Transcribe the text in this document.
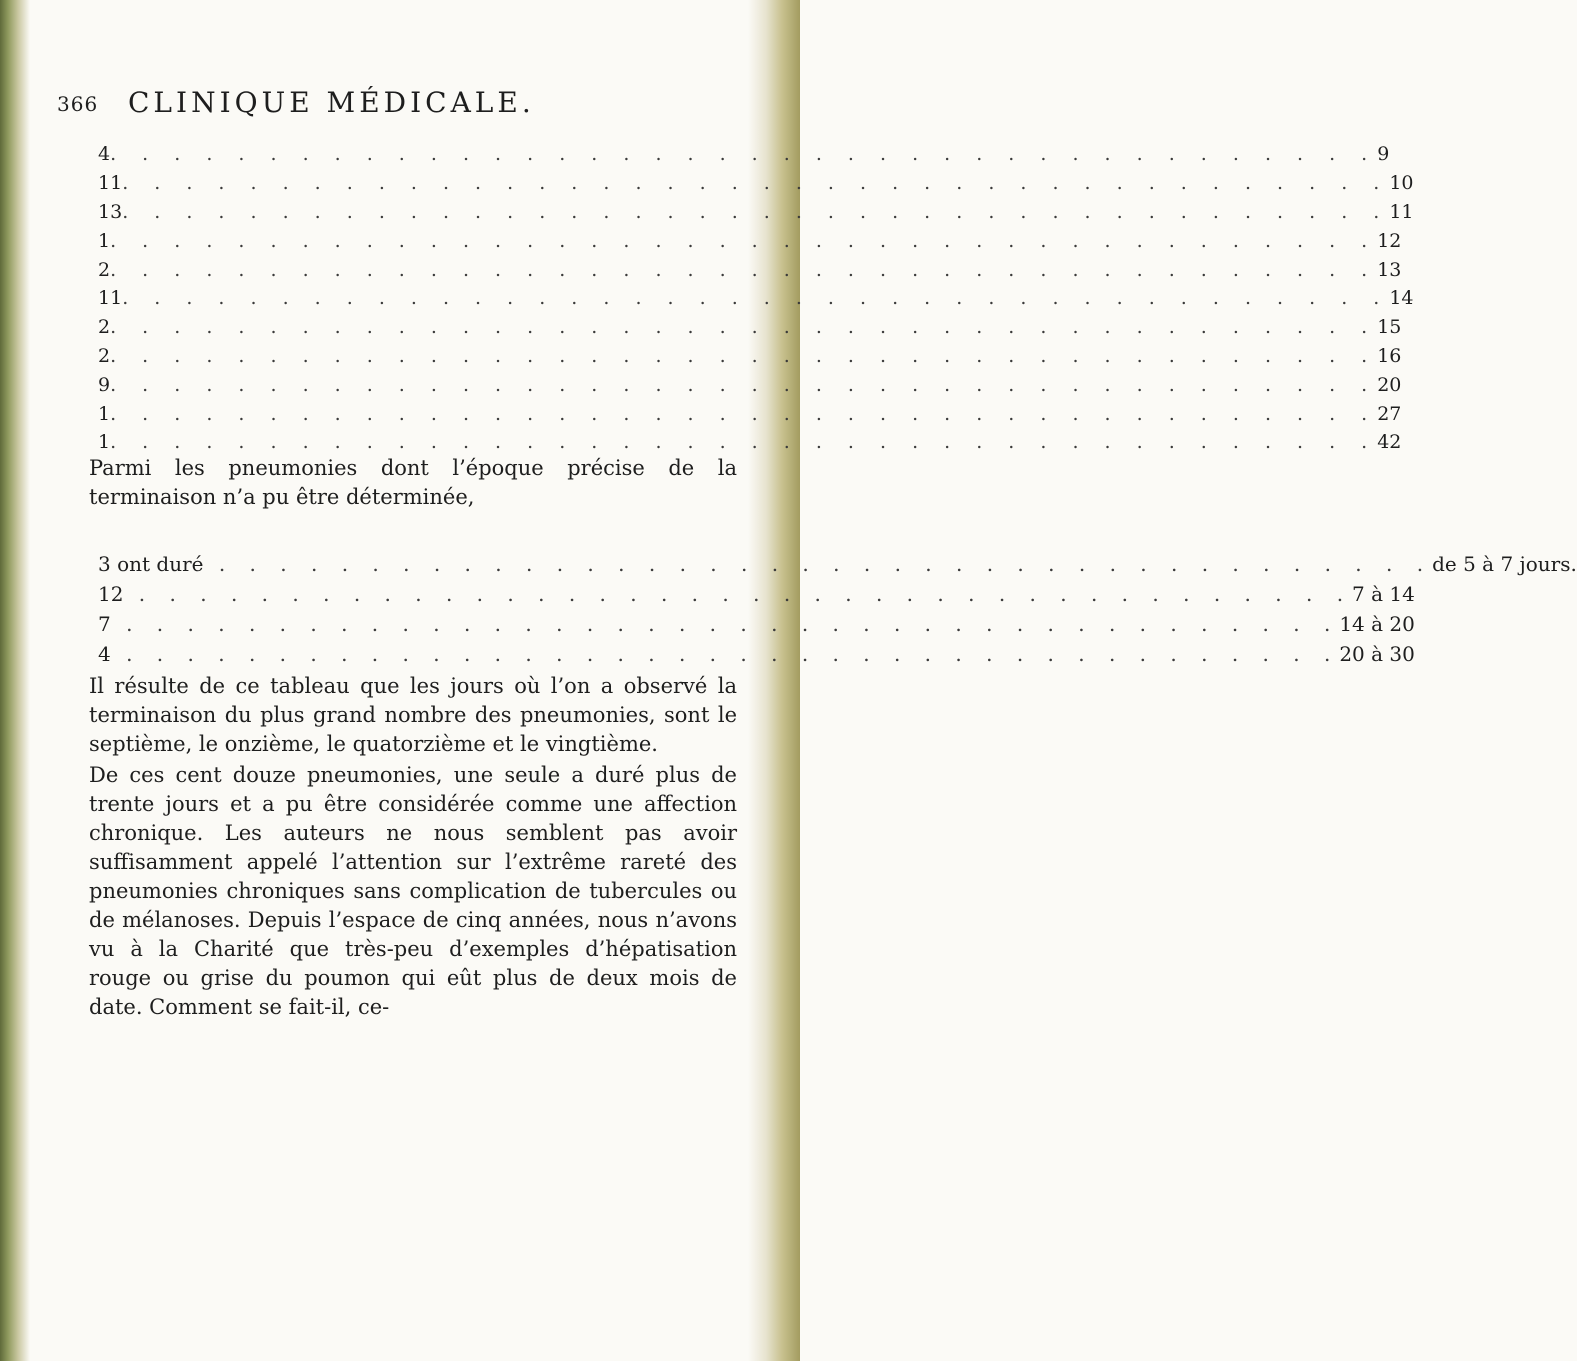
366 CLINIQUE MÉDICALE.
4 . . . . . . . . . . . . . . . . . . . . . . . . . . . . . . . . . . . . . . . . 9
11 . . . . . . . . . . . . . . . . . . . . . . . . . . . . . . . . . . . . . . . . 10
13 . . . . . . . . . . . . . . . . . . . . . . . . . . . . . . . . . . . . . . . . 11
1 . . . . . . . . . . . . . . . . . . . . . . . . . . . . . . . . . . . . . . . . 12
2 . . . . . . . . . . . . . . . . . . . . . . . . . . . . . . . . . . . . . . . . 13
11 . . . . . . . . . . . . . . . . . . . . . . . . . . . . . . . . . . . . . . . . 14
2 . . . . . . . . . . . . . . . . . . . . . . . . . . . . . . . . . . . . . . . . 15
2 . . . . . . . . . . . . . . . . . . . . . . . . . . . . . . . . . . . . . . . . 16
9 . . . . . . . . . . . . . . . . . . . . . . . . . . . . . . . . . . . . . . . . 20
1 . . . . . . . . . . . . . . . . . . . . . . . . . . . . . . . . . . . . . . . . 27
1 . . . . . . . . . . . . . . . . . . . . . . . . . . . . . . . . . . . . . . . . 42
Parmi les pneumonies dont l’époque précise de la terminaison n’a pu être déterminée,
3 ont duré . . . . . . . . . . . . . . . . . . . . . . . . . . . . . . . . . . . . . . . . de 5 à 7 jours.
12 . . . . . . . . . . . . . . . . . . . . . . . . . . . . . . . . . . . . . . . . 7 à 14
7 . . . . . . . . . . . . . . . . . . . . . . . . . . . . . . . . . . . . . . . . 14 à 20
4 . . . . . . . . . . . . . . . . . . . . . . . . . . . . . . . . . . . . . . . . 20 à 30
Il résulte de ce tableau que les jours où l’on a observé la terminaison du plus grand nombre des pneumonies, sont le septième, le onzième, le quatorzième et le vingtième.
De ces cent douze pneumonies, une seule a duré plus de trente jours et a pu être considérée comme une affection chronique. Les auteurs ne nous semblent pas avoir suffisamment appelé l’attention sur l’extrême rareté des pneumonies chroniques sans complication de tubercules ou de mélanoses. Depuis l’espace de cinq années, nous n’avons vu à la Charité que très-peu d’exemples d’hépatisation rouge ou grise du poumon qui eût plus de deux mois de date. Comment se fait-il, ce-
